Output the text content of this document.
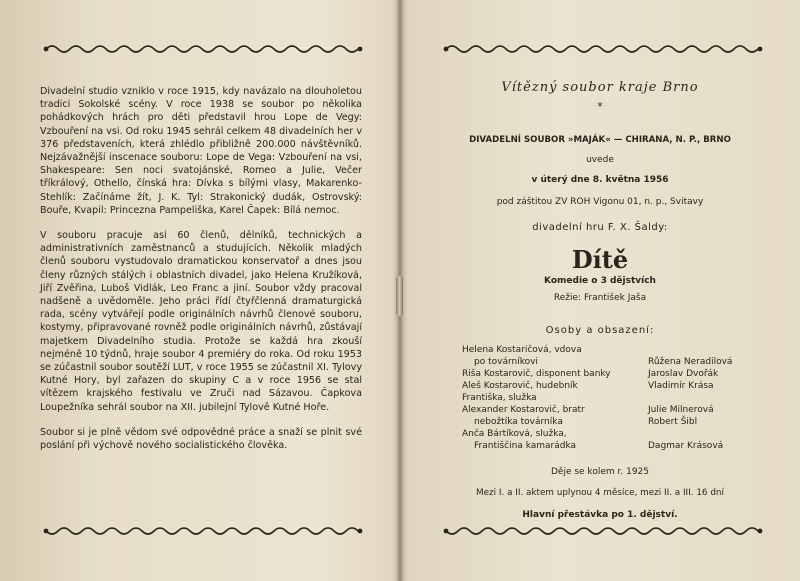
Divadelní studio vzniklo v roce 1915, kdy navázalo na dlouholetou tradici Sokolské scény. V roce 1938 se soubor po několika pohádkových hrách pro děti představil hrou Lope de Vegy: Vzbouření na vsi. Od roku 1945 sehrál celkem 48 divadelních her v 376 představeních, která zhlédlo přibližně 200.000 návštěvníků. Nejzávažnější inscenace souboru: Lope de Vega: Vzbouření na vsi, Shakespeare: Sen noci svatojánské, Romeo a Julie, Večer tříkrálový, Othello, čínská hra: Dívka s bílými vlasy, Makarenko-Stehlík: Začínáme žít, J. K. Tyl: Strakonický dudák, Ostrovský: Bouře, Kvapil: Princezna Pampeliška, Karel Čapek: Bílá nemoc.

V souboru pracuje asi 60 členů, dělníků, technických a administrativních zaměstnanců a studujících. Několik mladých členů souboru vystudovalo dramatickou konservatoř a dnes jsou členy různých stálých i oblastních divadel, jako Helena Kružíková, Jiří Zvěřina, Luboš Vidlák, Leo Franc a jiní. Soubor vždy pracoval nadšeně a uvědoměle. Jeho práci řídí čtyřčlenná dramaturgická rada, scény vytvářejí podle originálních návrhů členové souboru, kostymy, připravované rovněž podle originálních návrhů, zůstávají majetkem Divadelního studia. Protože se každá hra zkouší nejméně 10 týdnů, hraje soubor 4 premiéry do roka. Od roku 1953 se zúčastnil soubor soutěží LUT, v roce 1955 se zúčastnil XI. Tylovy Kutné Hory, byl zařazen do skupiny C a v roce 1956 se stal vítězem krajského festivalu ve Zruči nad Sázavou. Čapkova Loupežníka sehrál soubor na XII. jubilejní Tylově Kutné Hoře.

Soubor si je plně vědom své odpovědné práce a snaží se plnit své poslání při výchově nového socialistického člověka.

Vítězný soubor kraje Brno
*
DIVADELNÍ SOUBOR »MAJÁK« — CHIRANA, N. P., BRNO
uvede
v úterý dne 8. května 1956
pod záštitou ZV ROH Vigonu 01, n. p., Svitavy
divadelní hru F. X. Šaldy:
Dítě
Komedie o 3 dějstvích
Režie: František Jaša
Osoby a obsazení:
Helena Kostaričová, vdova
po továrníkovi	Růžena Neradilová
Riša Kostarovič, disponent banky	Jaroslav Dvořák
Aleš Kostarovič, hudebník	Vladimír Krása
Františka, služka
Alexander Kostarovič, bratr	Julie Milnerová
nebožtíka továrníka	Robert Šibl
Anča Bártíková, služka,
Františčina kamarádka	Dagmar Krásová
Děje se kolem r. 1925
Mezi I. a II. aktem uplynou 4 měsíce, mezi II. a III. 16 dní
Hlavní přestávka po 1. dějství.
